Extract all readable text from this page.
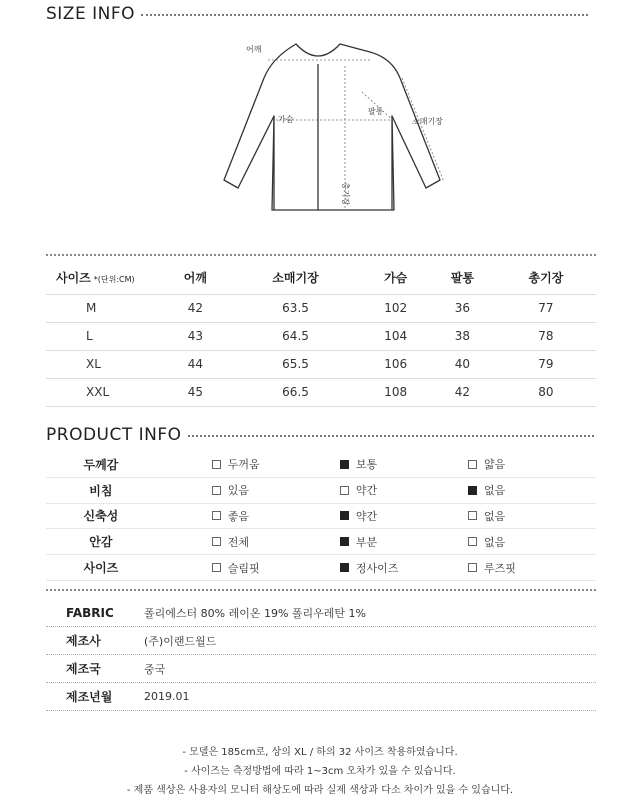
SIZE INFO
어깨
가슴
팔통
소매기장
총기장
사이즈 *(단위:CM)	어깨	소매기장	가슴	팔통	총기장
M	42	63.5	102	36	77
L	43	64.5	104	38	78
XL	44	65.5	106	40	79
XXL	45	66.5	108	42	80
PRODUCT INFO
두께감	두꺼움	보통	얇음
비침	있음	약간	없음
신축성	좋음	약간	없음
안감	전체	부분	없음
사이즈	슬림핏	정사이즈	루즈핏
FABRIC	폴리에스터 80% 레이온 19% 폴리우레탄 1%
제조사	(주)이랜드월드
제조국	중국
제조년월	2019.01
- 모델은 185cm로, 상의 XL / 하의 32 사이즈 착용하였습니다.
- 사이즈는 측정방법에 따라 1~3cm 오차가 있을 수 있습니다.
- 제품 색상은 사용자의 모니터 해상도에 따라 실제 색상과 다소 차이가 있을 수 있습니다.
